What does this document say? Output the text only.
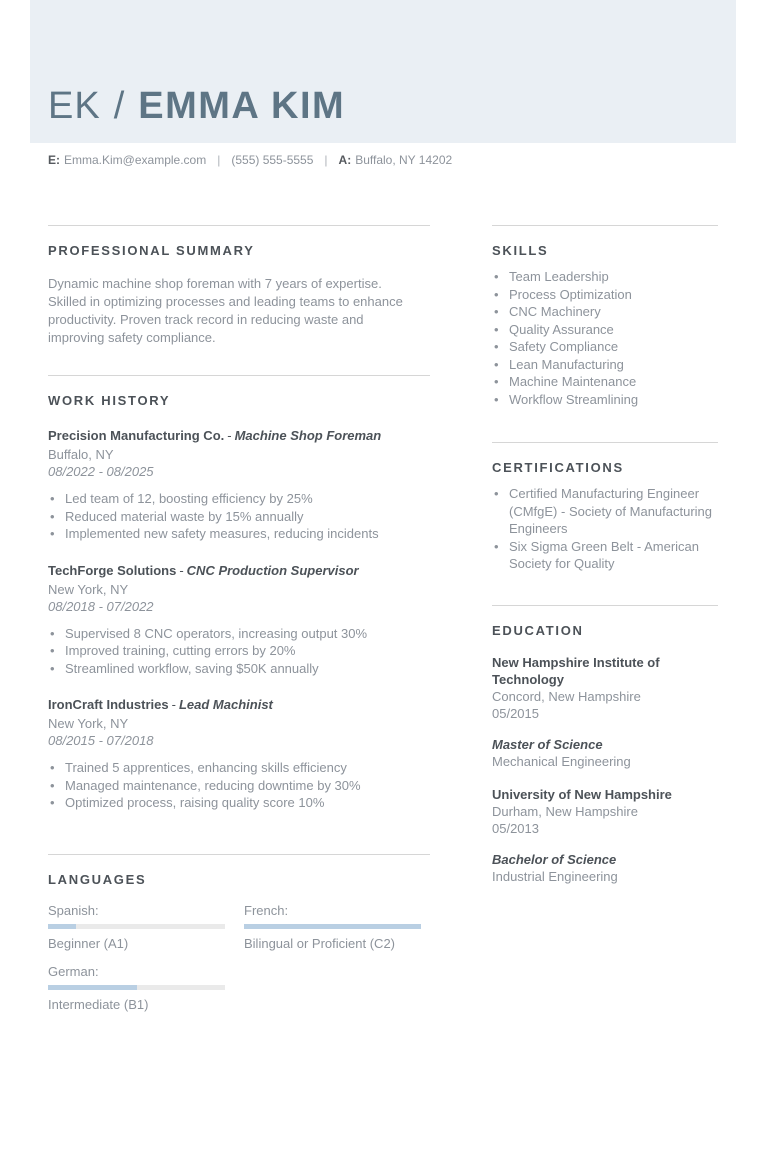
EK / EMMA KIM
E: Emma.Kim@example.com | (555) 555-5555 | A: Buffalo, NY 14202
PROFESSIONAL SUMMARY
Dynamic machine shop foreman with 7 years of expertise. Skilled in optimizing processes and leading teams to enhance productivity. Proven track record in reducing waste and improving safety compliance.
WORK HISTORY
Precision Manufacturing Co. - Machine Shop Foreman
Buffalo, NY
08/2022 - 08/2025
• Led team of 12, boosting efficiency by 25%
• Reduced material waste by 15% annually
• Implemented new safety measures, reducing incidents
TechForge Solutions - CNC Production Supervisor
New York, NY
08/2018 - 07/2022
• Supervised 8 CNC operators, increasing output 30%
• Improved training, cutting errors by 20%
• Streamlined workflow, saving $50K annually
IronCraft Industries - Lead Machinist
New York, NY
08/2015 - 07/2018
• Trained 5 apprentices, enhancing skills efficiency
• Managed maintenance, reducing downtime by 30%
• Optimized process, raising quality score 10%
LANGUAGES
Spanish:
Beginner (A1)
French:
Bilingual or Proficient (C2)
German:
Intermediate (B1)
SKILLS
• Team Leadership
• Process Optimization
• CNC Machinery
• Quality Assurance
• Safety Compliance
• Lean Manufacturing
• Machine Maintenance
• Workflow Streamlining
CERTIFICATIONS
• Certified Manufacturing Engineer (CMfgE) - Society of Manufacturing Engineers
• Six Sigma Green Belt - American Society for Quality
EDUCATION
New Hampshire Institute of Technology
Concord, New Hampshire
05/2015
Master of Science
Mechanical Engineering
University of New Hampshire
Durham, New Hampshire
05/2013
Bachelor of Science
Industrial Engineering
